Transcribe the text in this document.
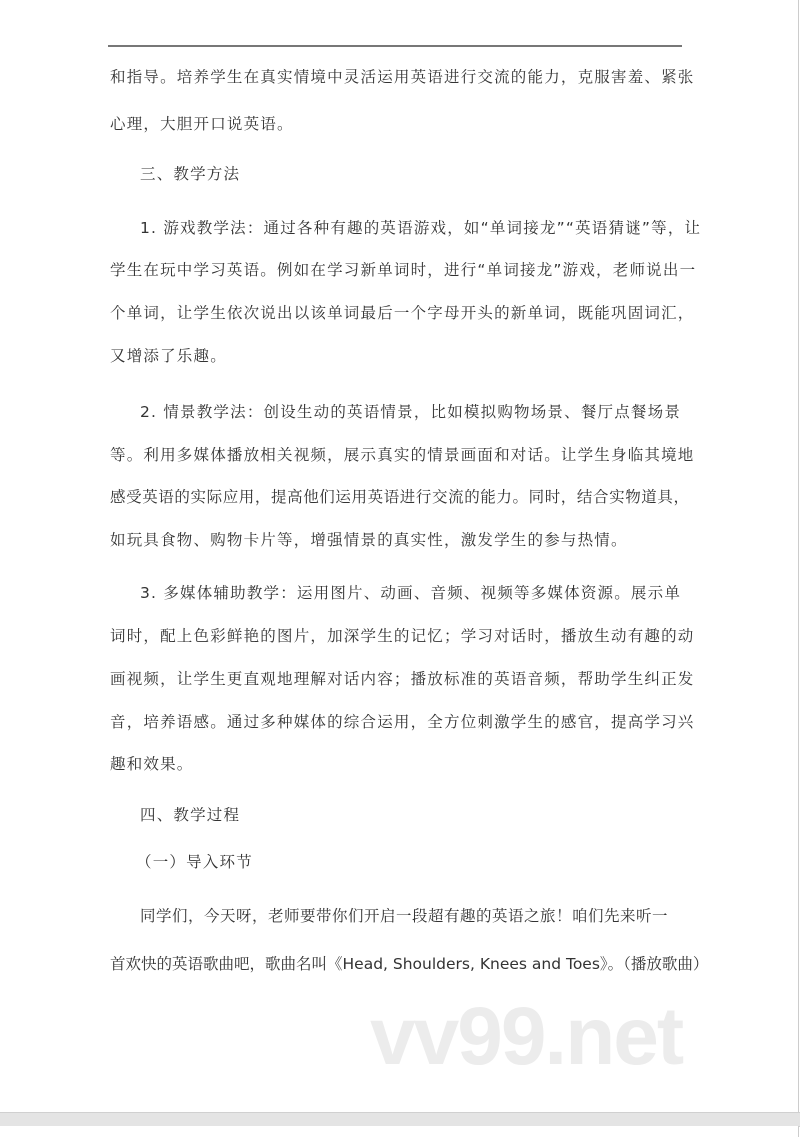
和指导。培养学生在真实情境中灵活运用英语进行交流的能力，克服害羞、紧张
心理，大胆开口说英语。
三、教学方法
1. 游戏教学法：通过各种有趣的英语游戏，如“单词接龙”“英语猜谜”等，让
学生在玩中学习英语。例如在学习新单词时，进行“单词接龙”游戏，老师说出一
个单词，让学生依次说出以该单词最后一个字母开头的新单词，既能巩固词汇，
又增添了乐趣。
2. 情景教学法：创设生动的英语情景，比如模拟购物场景、餐厅点餐场景
等。利用多媒体播放相关视频，展示真实的情景画面和对话。让学生身临其境地
感受英语的实际应用，提高他们运用英语进行交流的能力。同时，结合实物道具，
如玩具食物、购物卡片等，增强情景的真实性，激发学生的参与热情。
3. 多媒体辅助教学：运用图片、动画、音频、视频等多媒体资源。展示单
词时，配上色彩鲜艳的图片，加深学生的记忆；学习对话时，播放生动有趣的动
画视频，让学生更直观地理解对话内容；播放标准的英语音频，帮助学生纠正发
音，培养语感。通过多种媒体的综合运用，全方位刺激学生的感官，提高学习兴
趣和效果。
四、教学过程
（一）导入环节
同学们，今天呀，老师要带你们开启一段超有趣的英语之旅！咱们先来听一
首欢快的英语歌曲吧，歌曲名叫《Head, Shoulders, Knees and Toes》。（播放歌曲）
vv99.net
